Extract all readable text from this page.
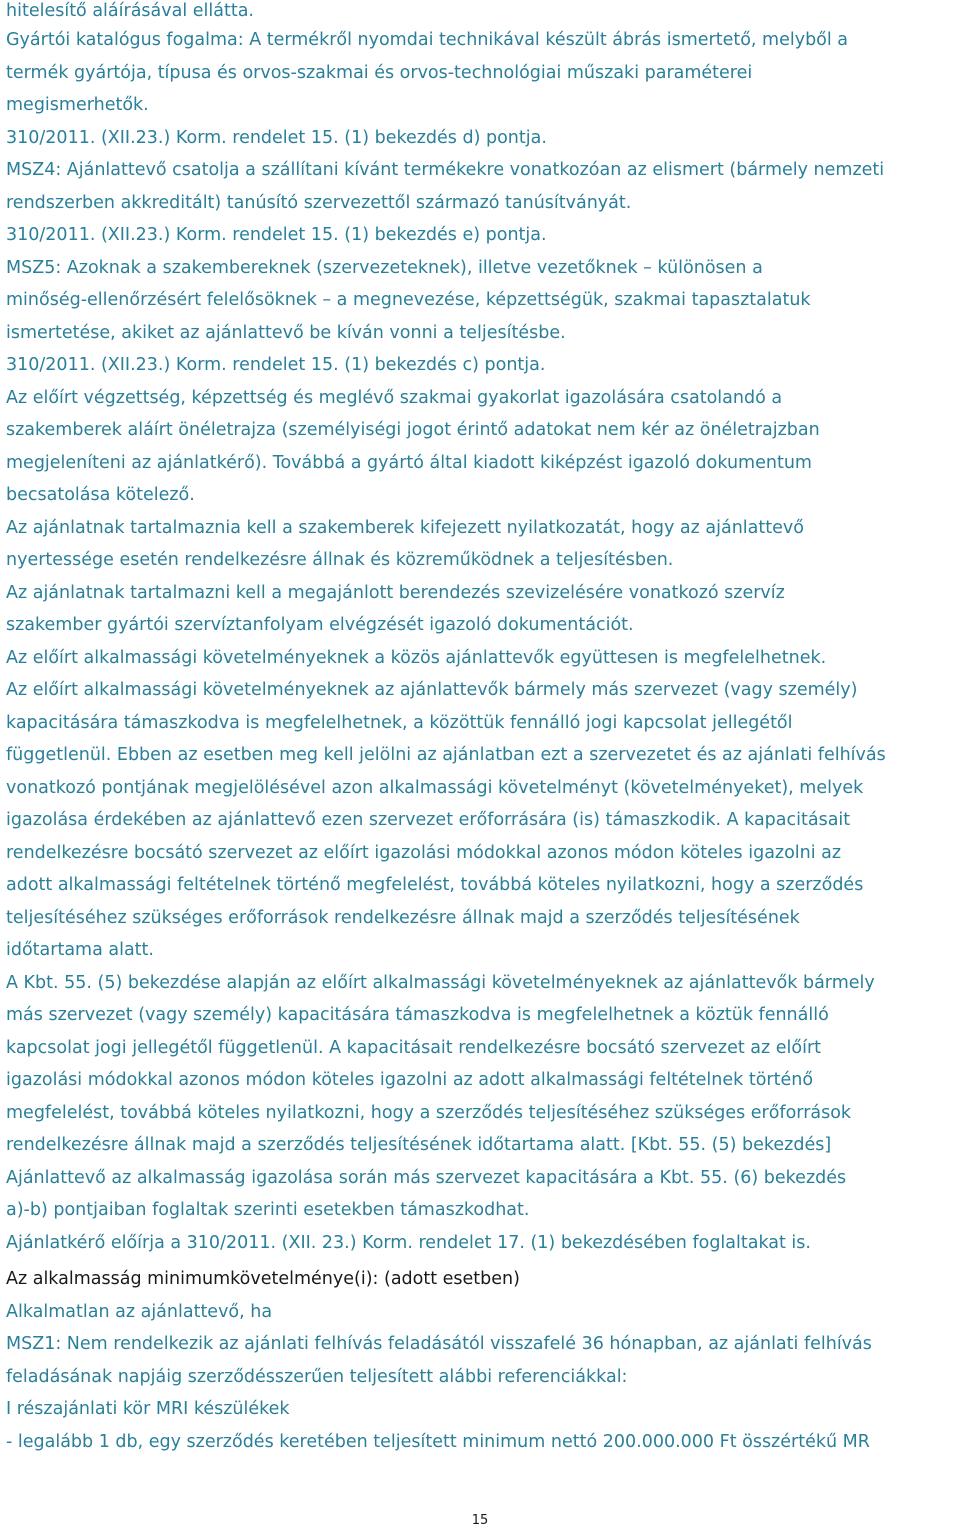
hitelesítő aláírásával ellátta.
Gyártói katalógus fogalma: A termékről nyomdai technikával készült ábrás ismertető, melyből a
termék gyártója, típusa és orvos-szakmai és orvos-technológiai műszaki paraméterei
megismerhetők.
310/2011. (XII.23.) Korm. rendelet 15. (1) bekezdés d) pontja.
MSZ4: Ajánlattevő csatolja a szállítani kívánt termékekre vonatkozóan az elismert (bármely nemzeti
rendszerben akkreditált) tanúsító szervezettől származó tanúsítványát.
310/2011. (XII.23.) Korm. rendelet 15. (1) bekezdés e) pontja.
MSZ5: Azoknak a szakembereknek (szervezeteknek), illetve vezetőknek – különösen a
minőség-ellenőrzésért felelősöknek – a megnevezése, képzettségük, szakmai tapasztalatuk
ismertetése, akiket az ajánlattevő be kíván vonni a teljesítésbe.
310/2011. (XII.23.) Korm. rendelet 15. (1) bekezdés c) pontja.
Az előírt végzettség, képzettség és meglévő szakmai gyakorlat igazolására csatolandó a
szakemberek aláírt önéletrajza (személyiségi jogot érintő adatokat nem kér az önéletrajzban
megjeleníteni az ajánlatkérő). Továbbá a gyártó által kiadott kiképzést igazoló dokumentum
becsatolása kötelező.
Az ajánlatnak tartalmaznia kell a szakemberek kifejezett nyilatkozatát, hogy az ajánlattevő
nyertessége esetén rendelkezésre állnak és közreműködnek a teljesítésben.
Az ajánlatnak tartalmazni kell a megajánlott berendezés szevizelésére vonatkozó szervíz
szakember gyártói szervíztanfolyam elvégzését igazoló dokumentációt.
Az előírt alkalmassági követelményeknek a közös ajánlattevők együttesen is megfelelhetnek.
Az előírt alkalmassági követelményeknek az ajánlattevők bármely más szervezet (vagy személy)
kapacitására támaszkodva is megfelelhetnek, a közöttük fennálló jogi kapcsolat jellegétől
függetlenül. Ebben az esetben meg kell jelölni az ajánlatban ezt a szervezetet és az ajánlati felhívás
vonatkozó pontjának megjelölésével azon alkalmassági követelményt (követelményeket), melyek
igazolása érdekében az ajánlattevő ezen szervezet erőforrására (is) támaszkodik. A kapacitásait
rendelkezésre bocsátó szervezet az előírt igazolási módokkal azonos módon köteles igazolni az
adott alkalmassági feltételnek történő megfelelést, továbbá köteles nyilatkozni, hogy a szerződés
teljesítéséhez szükséges erőforrások rendelkezésre állnak majd a szerződés teljesítésének
időtartama alatt.
A Kbt. 55. (5) bekezdése alapján az előírt alkalmassági követelményeknek az ajánlattevők bármely
más szervezet (vagy személy) kapacitására támaszkodva is megfelelhetnek a köztük fennálló
kapcsolat jogi jellegétől függetlenül. A kapacitásait rendelkezésre bocsátó szervezet az előírt
igazolási módokkal azonos módon köteles igazolni az adott alkalmassági feltételnek történő
megfelelést, továbbá köteles nyilatkozni, hogy a szerződés teljesítéséhez szükséges erőforrások
rendelkezésre állnak majd a szerződés teljesítésének időtartama alatt. [Kbt. 55. (5) bekezdés]
Ajánlattevő az alkalmasság igazolása során más szervezet kapacitására a Kbt. 55. (6) bekezdés
a)-b) pontjaiban foglaltak szerinti esetekben támaszkodhat.
Ajánlatkérő előírja a 310/2011. (XII. 23.) Korm. rendelet 17. (1) bekezdésében foglaltakat is.
Az alkalmasság minimumkövetelménye(i): (adott esetben)
Alkalmatlan az ajánlattevő, ha
MSZ1: Nem rendelkezik az ajánlati felhívás feladásától visszafelé 36 hónapban, az ajánlati felhívás
feladásának napjáig szerződésszerűen teljesített alábbi referenciákkal:
I részajánlati kör MRI készülékek
- legalább 1 db, egy szerződés keretében teljesített minimum nettó 200.000.000 Ft összértékű MR
15
